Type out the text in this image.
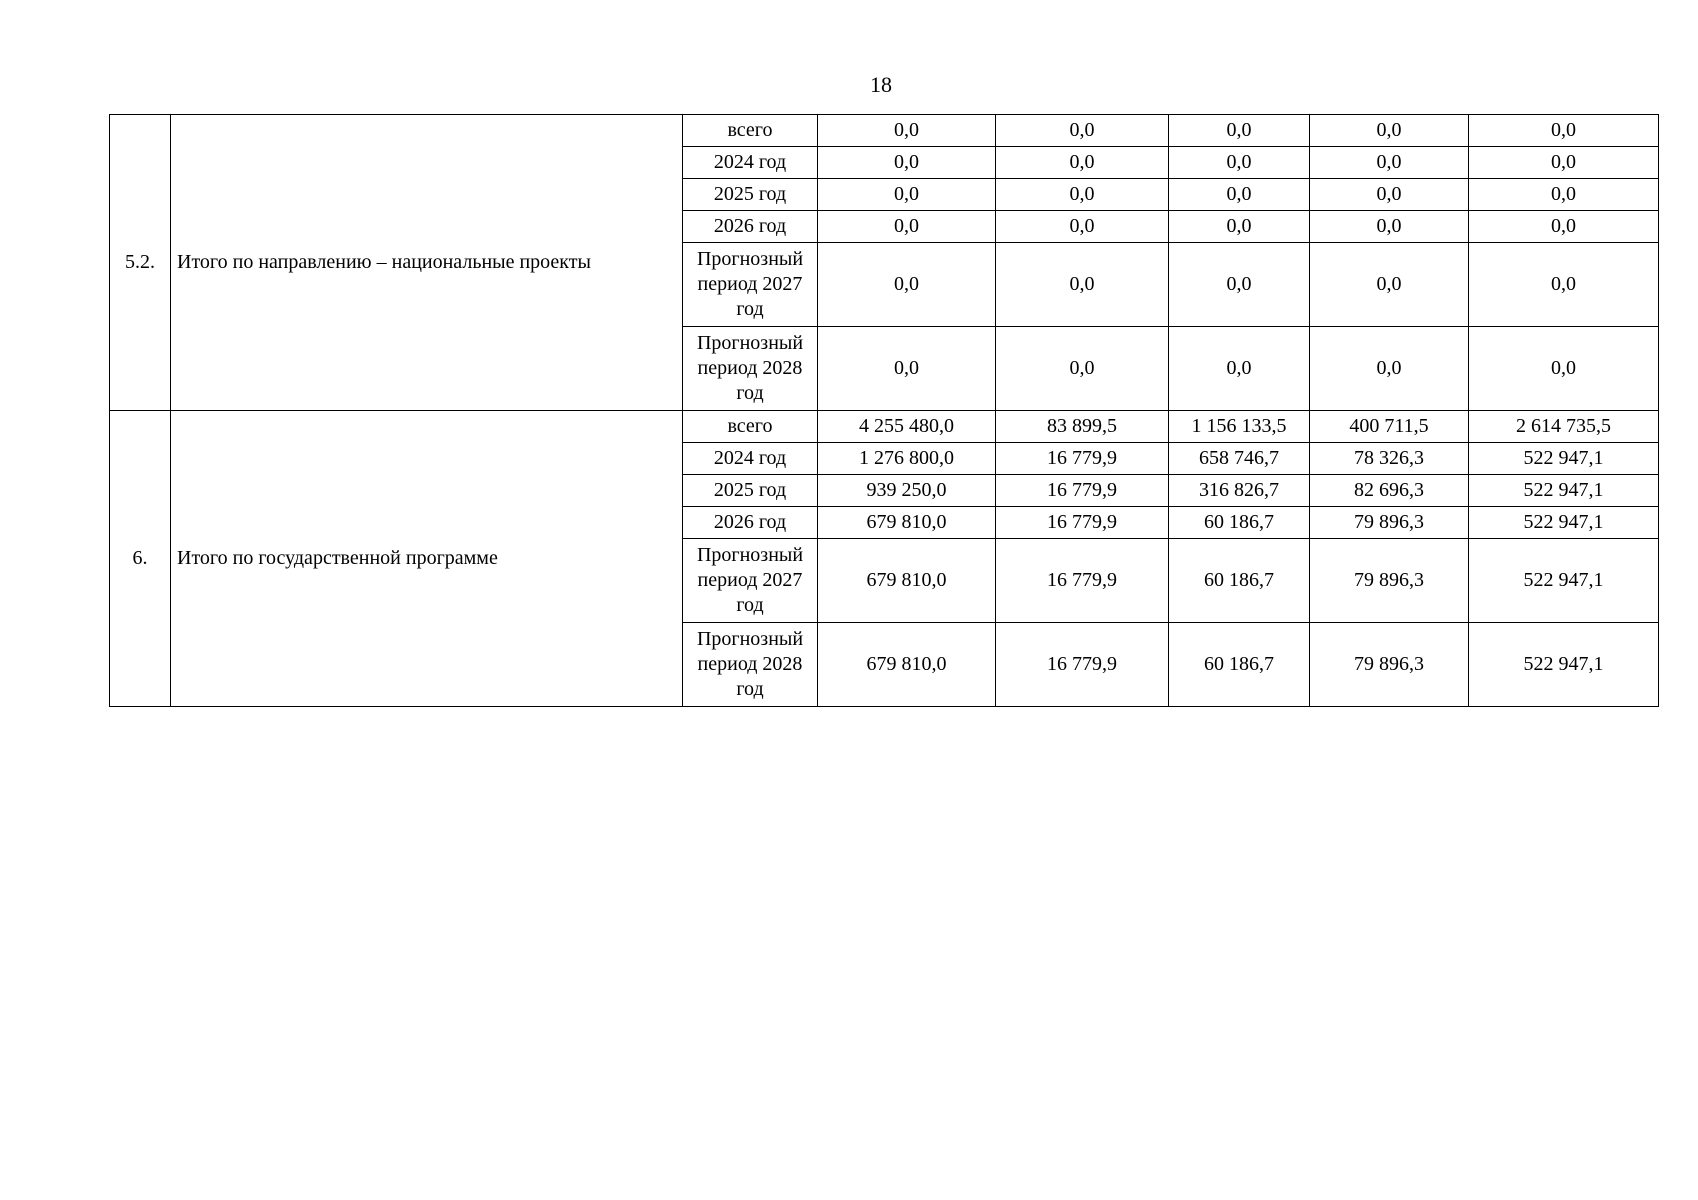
18
5.2.	Итого по направлению – национальные проекты	всего	0,0	0,0	0,0	0,0	0,0
		2024 год	0,0	0,0	0,0	0,0	0,0
		2025 год	0,0	0,0	0,0	0,0	0,0
		2026 год	0,0	0,0	0,0	0,0	0,0
		Прогнозный период 2027 год	0,0	0,0	0,0	0,0	0,0
		Прогнозный период 2028 год	0,0	0,0	0,0	0,0	0,0
6.	Итого по государственной программе	всего	4 255 480,0	83 899,5	1 156 133,5	400 711,5	2 614 735,5
		2024 год	1 276 800,0	16 779,9	658 746,7	78 326,3	522 947,1
		2025 год	939 250,0	16 779,9	316 826,7	82 696,3	522 947,1
		2026 год	679 810,0	16 779,9	60 186,7	79 896,3	522 947,1
		Прогнозный период 2027 год	679 810,0	16 779,9	60 186,7	79 896,3	522 947,1
		Прогнозный период 2028 год	679 810,0	16 779,9	60 186,7	79 896,3	522 947,1
